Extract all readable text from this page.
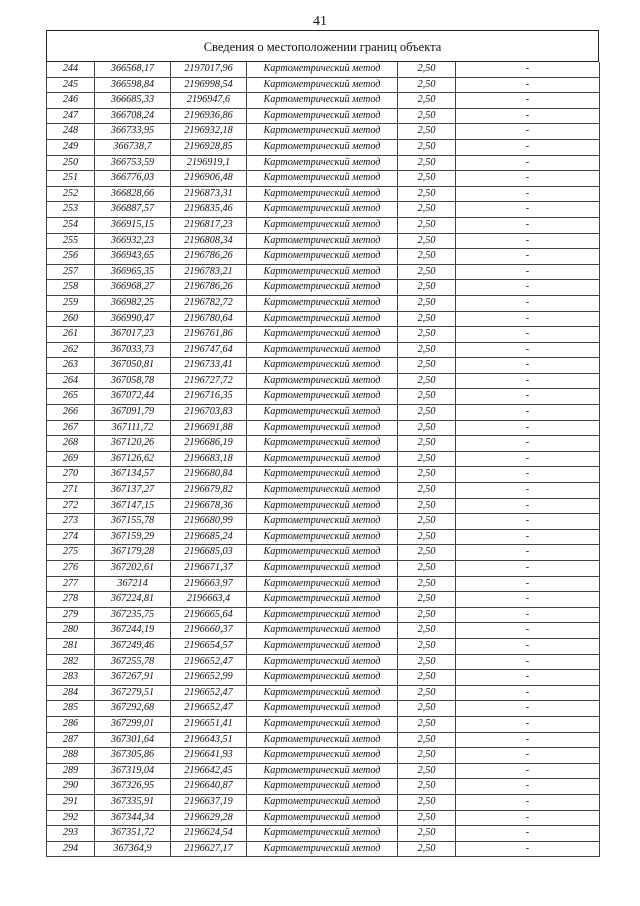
41
Сведения о местоположении границ объекта
244	366568,17	2197017,96	Картометрический метод	2,50	-
245	366598,84	2196998,54	Картометрический метод	2,50	-
246	366685,33	2196947,6	Картометрический метод	2,50	-
247	366708,24	2196936,86	Картометрический метод	2,50	-
248	366733,95	2196932,18	Картометрический метод	2,50	-
249	366738,7	2196928,85	Картометрический метод	2,50	-
250	366753,59	2196919,1	Картометрический метод	2,50	-
251	366776,03	2196906,48	Картометрический метод	2,50	-
252	366828,66	2196873,31	Картометрический метод	2,50	-
253	366887,57	2196835,46	Картометрический метод	2,50	-
254	366915,15	2196817,23	Картометрический метод	2,50	-
255	366932,23	2196808,34	Картометрический метод	2,50	-
256	366943,65	2196786,26	Картометрический метод	2,50	-
257	366965,35	2196783,21	Картометрический метод	2,50	-
258	366968,27	2196786,26	Картометрический метод	2,50	-
259	366982,25	2196782,72	Картометрический метод	2,50	-
260	366990,47	2196780,64	Картометрический метод	2,50	-
261	367017,23	2196761,86	Картометрический метод	2,50	-
262	367033,73	2196747,64	Картометрический метод	2,50	-
263	367050,81	2196733,41	Картометрический метод	2,50	-
264	367058,78	2196727,72	Картометрический метод	2,50	-
265	367072,44	2196716,35	Картометрический метод	2,50	-
266	367091,79	2196703,83	Картометрический метод	2,50	-
267	367111,72	2196691,88	Картометрический метод	2,50	-
268	367120,26	2196686,19	Картометрический метод	2,50	-
269	367126,62	2196683,18	Картометрический метод	2,50	-
270	367134,57	2196680,84	Картометрический метод	2,50	-
271	367137,27	2196679,82	Картометрический метод	2,50	-
272	367147,15	2196678,36	Картометрический метод	2,50	-
273	367155,78	2196680,99	Картометрический метод	2,50	-
274	367159,29	2196685,24	Картометрический метод	2,50	-
275	367179,28	2196685,03	Картометрический метод	2,50	-
276	367202,61	2196671,37	Картометрический метод	2,50	-
277	367214	2196663,97	Картометрический метод	2,50	-
278	367224,81	2196663,4	Картометрический метод	2,50	-
279	367235,75	2196665,64	Картометрический метод	2,50	-
280	367244,19	2196660,37	Картометрический метод	2,50	-
281	367249,46	2196654,57	Картометрический метод	2,50	-
282	367255,78	2196652,47	Картометрический метод	2,50	-
283	367267,91	2196652,99	Картометрический метод	2,50	-
284	367279,51	2196652,47	Картометрический метод	2,50	-
285	367292,68	2196652,47	Картометрический метод	2,50	-
286	367299,01	2196651,41	Картометрический метод	2,50	-
287	367301,64	2196643,51	Картометрический метод	2,50	-
288	367305,86	2196641,93	Картометрический метод	2,50	-
289	367319,04	2196642,45	Картометрический метод	2,50	-
290	367326,95	2196640,87	Картометрический метод	2,50	-
291	367335,91	2196637,19	Картометрический метод	2,50	-
292	367344,34	2196629,28	Картометрический метод	2,50	-
293	367351,72	2196624,54	Картометрический метод	2,50	-
294	367364,9	2196627,17	Картометрический метод	2,50	-
